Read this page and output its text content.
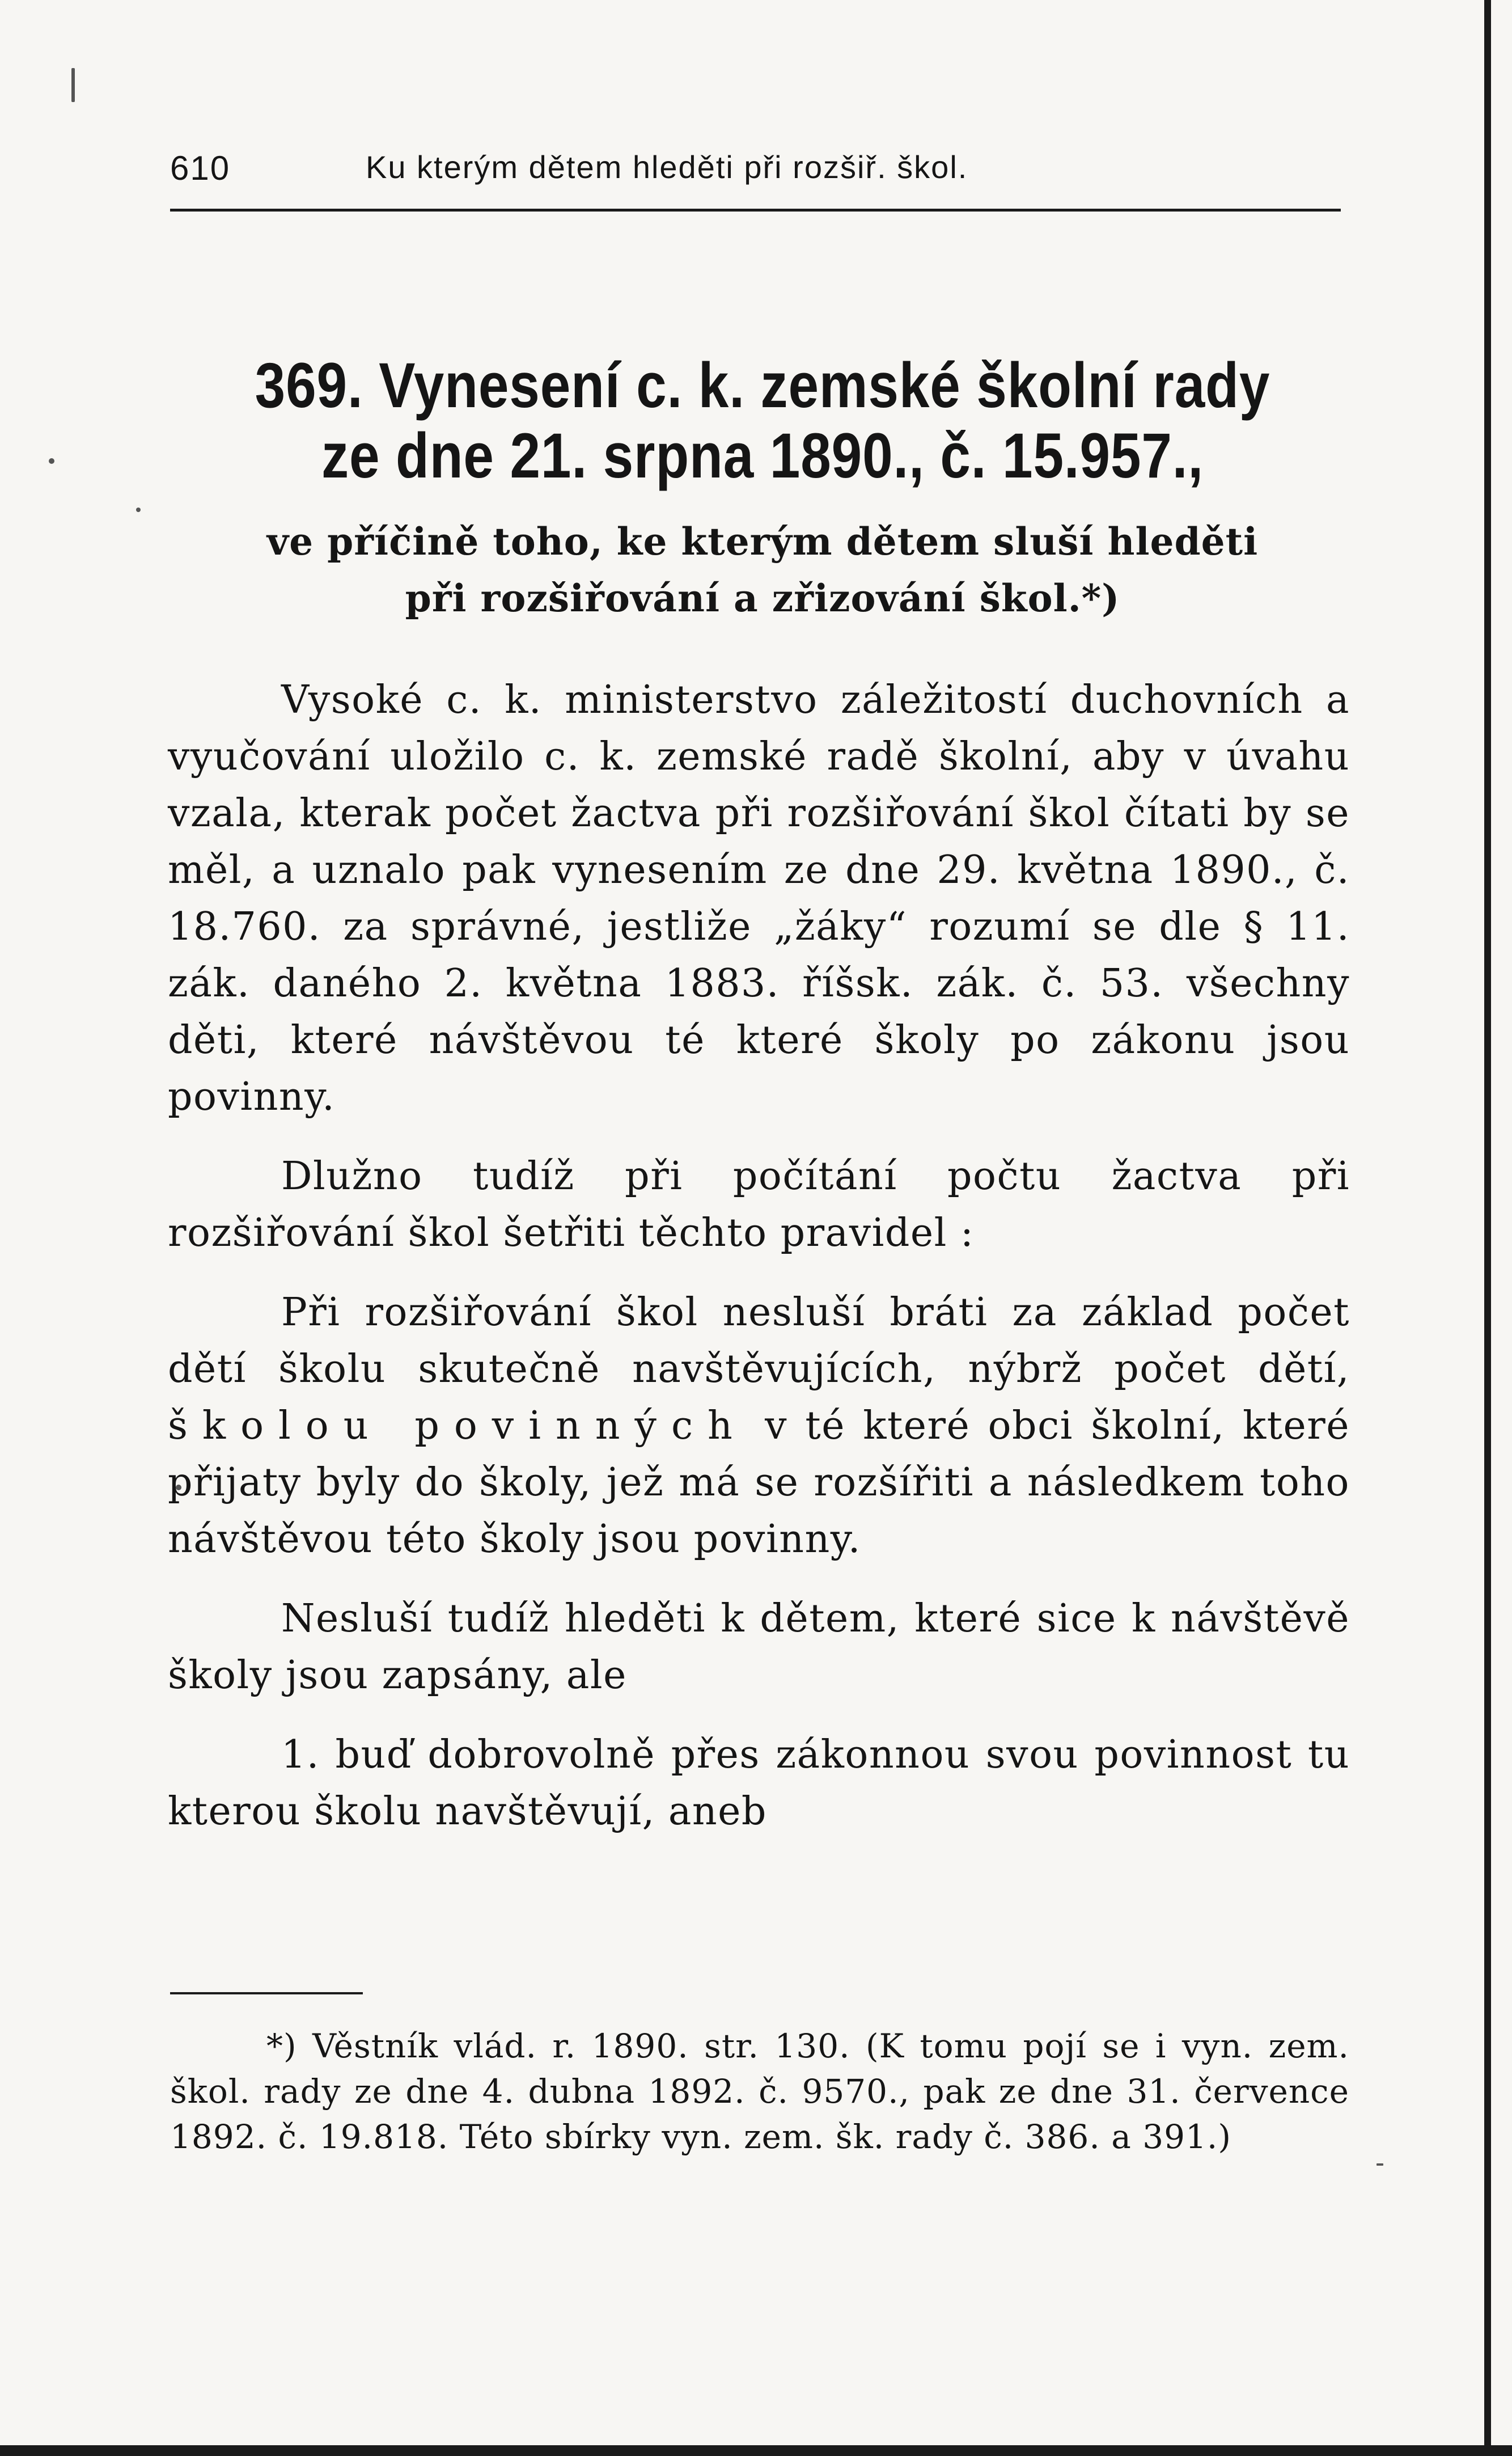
610	Ku kterým dětem hleděti při rozšiř. škol.
369. Vynesení c. k. zemské školní rady
ze dne 21. srpna 1890., č. 15.957.,
ve příčině toho, ke kterým dětem sluší hleděti
při rozšiřování a zřizování škol.*)

Vysoké c. k. ministerstvo záležitostí duchovních a vyučování uložilo c. k. zemské radě školní, aby v úvahu vzala, kterak počet žactva při rozšiřování škol čítati by se měl, a uznalo pak vynesením ze dne 29. května 1890., č. 18.760. za správné, jestliže „žáky“ rozumí se dle § 11. zák. daného 2. května 1883. říšsk. zák. č. 53. všechny děti, které návštěvou té které školy po zákonu jsou povinny.

Dlužno tudíž při počítání počtu žactva při rozšiřování škol šetřiti těchto pravidel :

Při rozšiřování škol nesluší bráti za základ počet dětí školu skutečně navštěvujících, nýbrž počet dětí, školou povinných v té které obci školní, které přijaty byly do školy, jež má se rozšířiti a následkem toho návštěvou této školy jsou povinny.

Nesluší tudíž hleděti k dětem, které sice k návštěvě školy jsou zapsány, ale

1. buď dobrovolně přes zákonnou svou povinnost tu kterou školu navštěvují, aneb

*) Věstník vlád. r. 1890. str. 130. (K tomu pojí se i vyn. zem. škol. rady ze dne 4. dubna 1892. č. 9570., pak ze dne 31. července 1892. č. 19.818. Této sbírky vyn. zem. šk. rady č. 386. a 391.)
